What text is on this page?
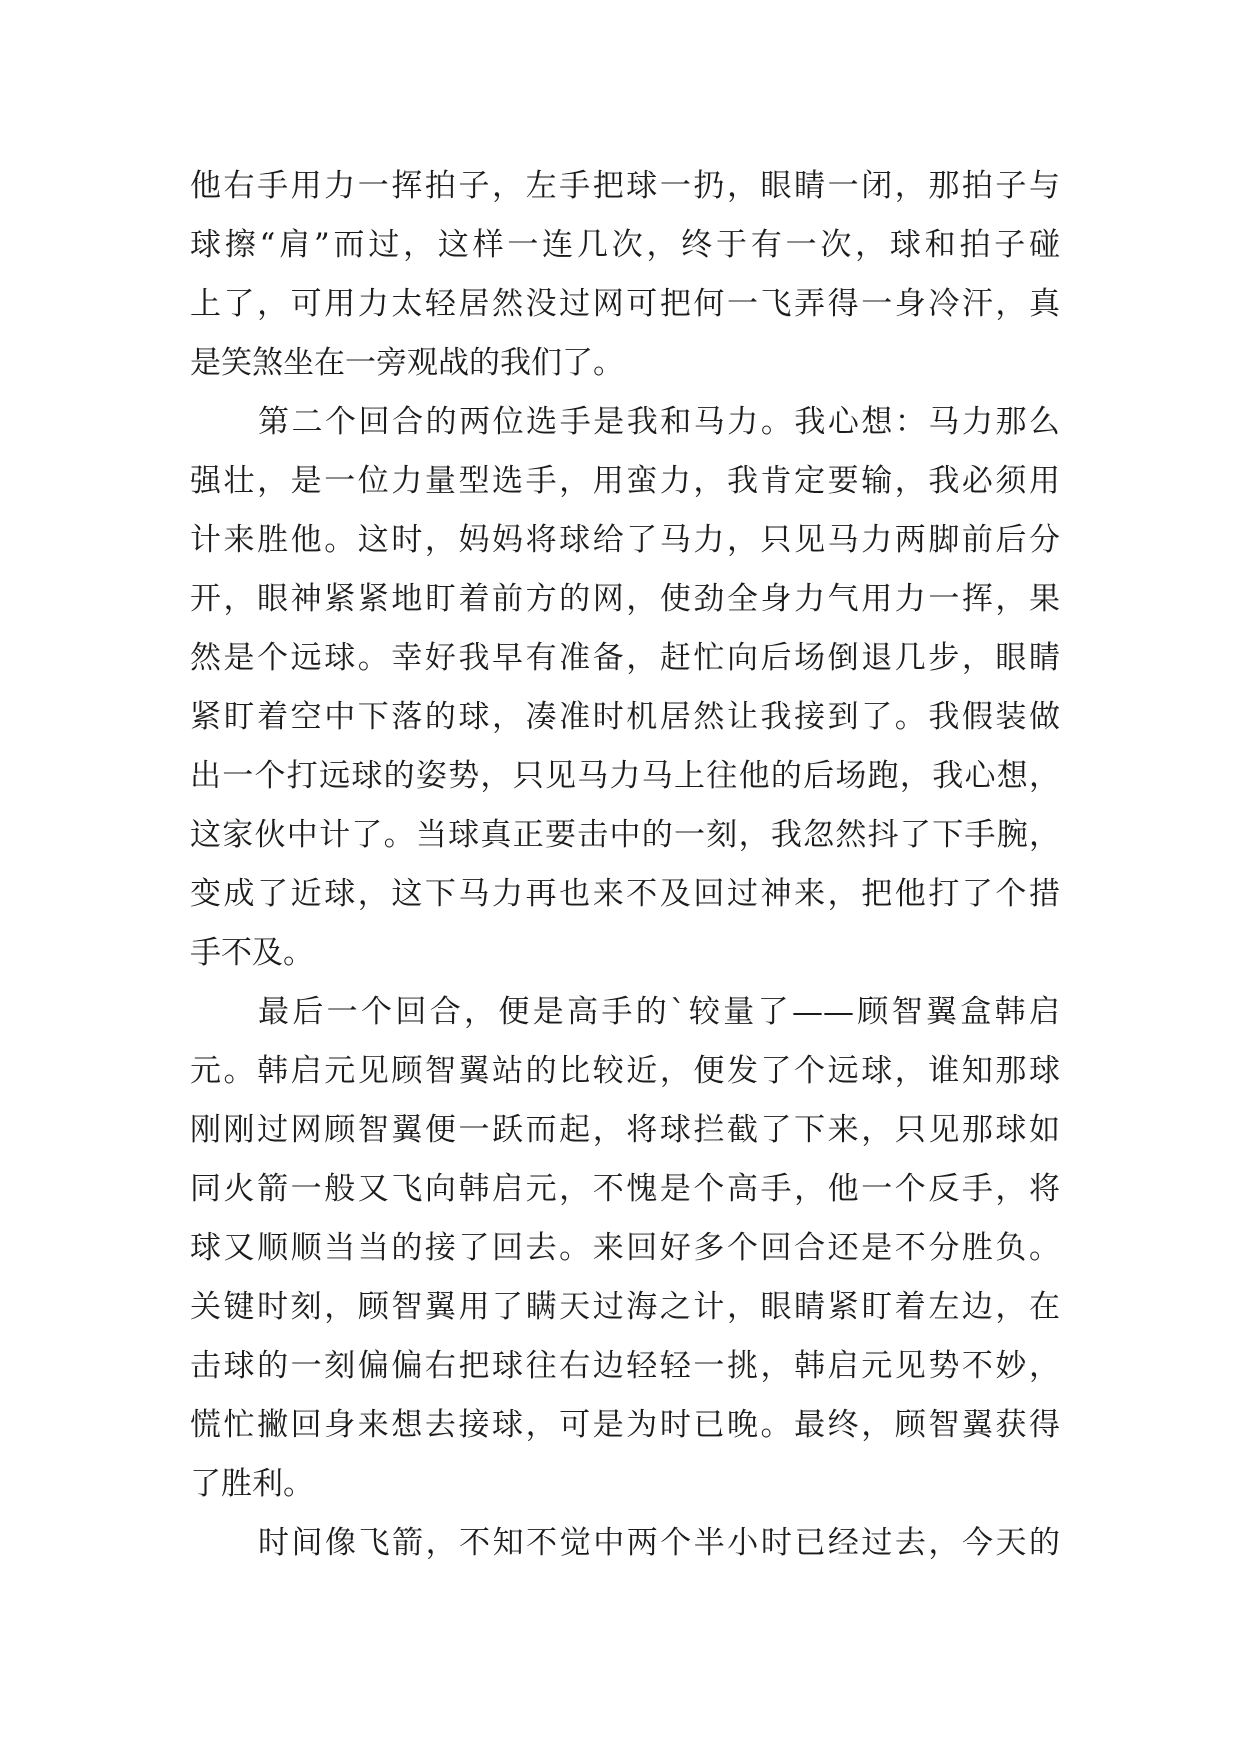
他右手用力一挥拍子，左手把球一扔，眼睛一闭，那拍子与
球擦“肩”而过，这样一连几次，终于有一次，球和拍子碰
上了，可用力太轻居然没过网可把何一飞弄得一身冷汗，真
是笑煞坐在一旁观战的我们了。
第二个回合的两位选手是我和马力。我心想：马力那么
强壮，是一位力量型选手，用蛮力，我肯定要输，我必须用
计来胜他。这时，妈妈将球给了马力，只见马力两脚前后分
开，眼神紧紧地盯着前方的网，使劲全身力气用力一挥，果
然是个远球。幸好我早有准备，赶忙向后场倒退几步，眼睛
紧盯着空中下落的球，凑准时机居然让我接到了。我假装做
出一个打远球的姿势，只见马力马上往他的后场跑，我心想，
这家伙中计了。当球真正要击中的一刻，我忽然抖了下手腕，
变成了近球，这下马力再也来不及回过神来，把他打了个措
手不及。
最后一个回合，便是高手的`较量了——顾智翼盒韩启
元。韩启元见顾智翼站的比较近，便发了个远球，谁知那球
刚刚过网顾智翼便一跃而起，将球拦截了下来，只见那球如
同火箭一般又飞向韩启元，不愧是个高手，他一个反手，将
球又顺顺当当的接了回去。来回好多个回合还是不分胜负。
关键时刻，顾智翼用了瞒天过海之计，眼睛紧盯着左边，在
击球的一刻偏偏右把球往右边轻轻一挑，韩启元见势不妙，
慌忙撇回身来想去接球，可是为时已晚。最终，顾智翼获得
了胜利。
时间像飞箭，不知不觉中两个半小时已经过去，今天的
